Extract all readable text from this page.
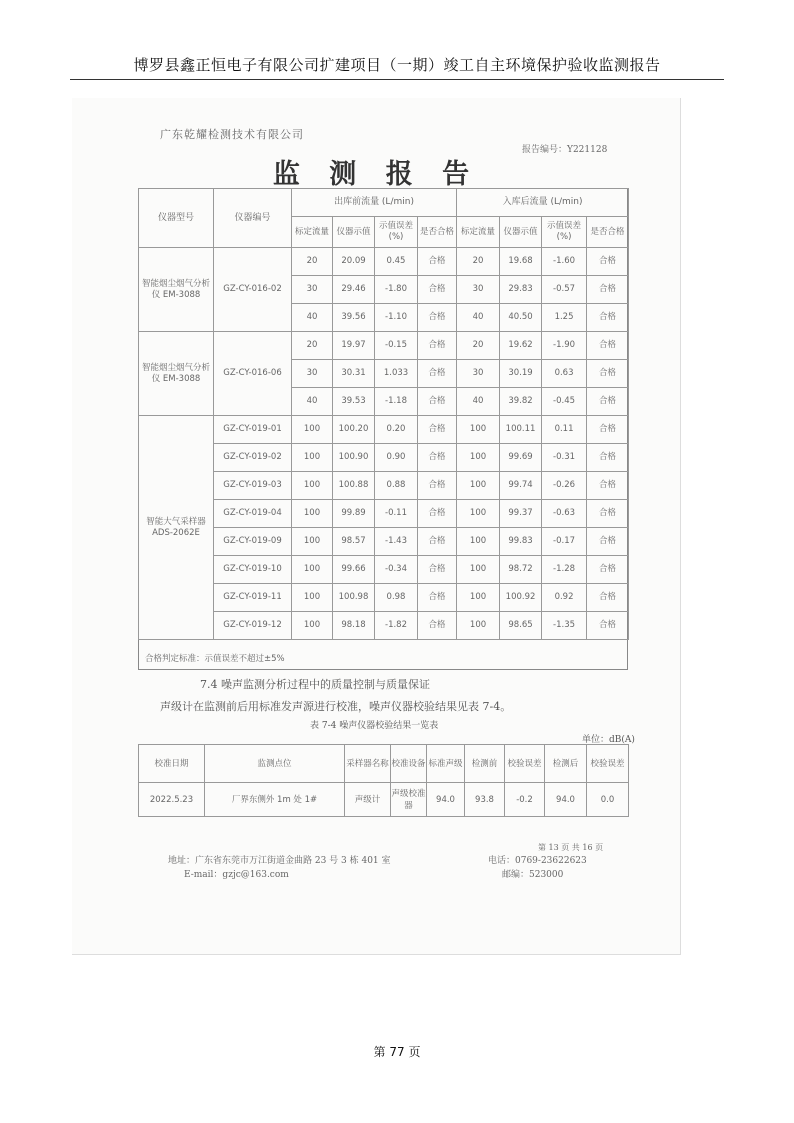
博罗县鑫正恒电子有限公司扩建项目（一期）竣工自主环境保护验收监测报告
广东乾耀检测技术有限公司
报告编号：Y221128
监 测 报 告
仪器型号	仪器编号	出库前流量 (L/min)				入库后流量 (L/min)			
		标定流量	仪器示值	示值误差 (%)	是否合格	标定流量	仪器示值	示值误差 (%)	是否合格
智能烟尘烟气分析仪 EM-3088	GZ-CY-016-02	20	20.09	0.45	合格	20	19.68	-1.60	合格
		30	29.46	-1.80	合格	30	29.83	-0.57	合格
		40	39.56	-1.10	合格	40	40.50	1.25	合格
智能烟尘烟气分析仪 EM-3088	GZ-CY-016-06	20	19.97	-0.15	合格	20	19.62	-1.90	合格
		30	30.31	1.033	合格	30	30.19	0.63	合格
		40	39.53	-1.18	合格	40	39.82	-0.45	合格
智能大气采样器 ADS-2062E	GZ-CY-019-01	100	100.20	0.20	合格	100	100.11	0.11	合格
	GZ-CY-019-02	100	100.90	0.90	合格	100	99.69	-0.31	合格
	GZ-CY-019-03	100	100.88	0.88	合格	100	99.74	-0.26	合格
	GZ-CY-019-04	100	99.89	-0.11	合格	100	99.37	-0.63	合格
	GZ-CY-019-09	100	98.57	-1.43	合格	100	99.83	-0.17	合格
	GZ-CY-019-10	100	99.66	-0.34	合格	100	98.72	-1.28	合格
	GZ-CY-019-11	100	100.98	0.98	合格	100	100.92	0.92	合格
	GZ-CY-019-12	100	98.18	-1.82	合格	100	98.65	-1.35	合格
合格判定标准：示值误差不超过±5%
7.4 噪声监测分析过程中的质量控制与质量保证
声级计在监测前后用标准发声源进行校准，噪声仪器校验结果见表 7-4。
表 7-4 噪声仪器校验结果一览表
单位：dB(A)
校准日期	监测点位	采样器名称	校准设备	标准声级	检测前	校验误差	检测后	校验误差
2022.5.23	厂界东侧外 1m 处 1#	声级计	声级校准器	94.0	93.8	-0.2	94.0	0.0
第 13 页 共 16 页
地址：广东省东莞市万江街道金曲路 23 号 3 栋 401 室
E-mail：gzjc@163.com
电话：0769-23622623
邮编：523000
第 77 页
